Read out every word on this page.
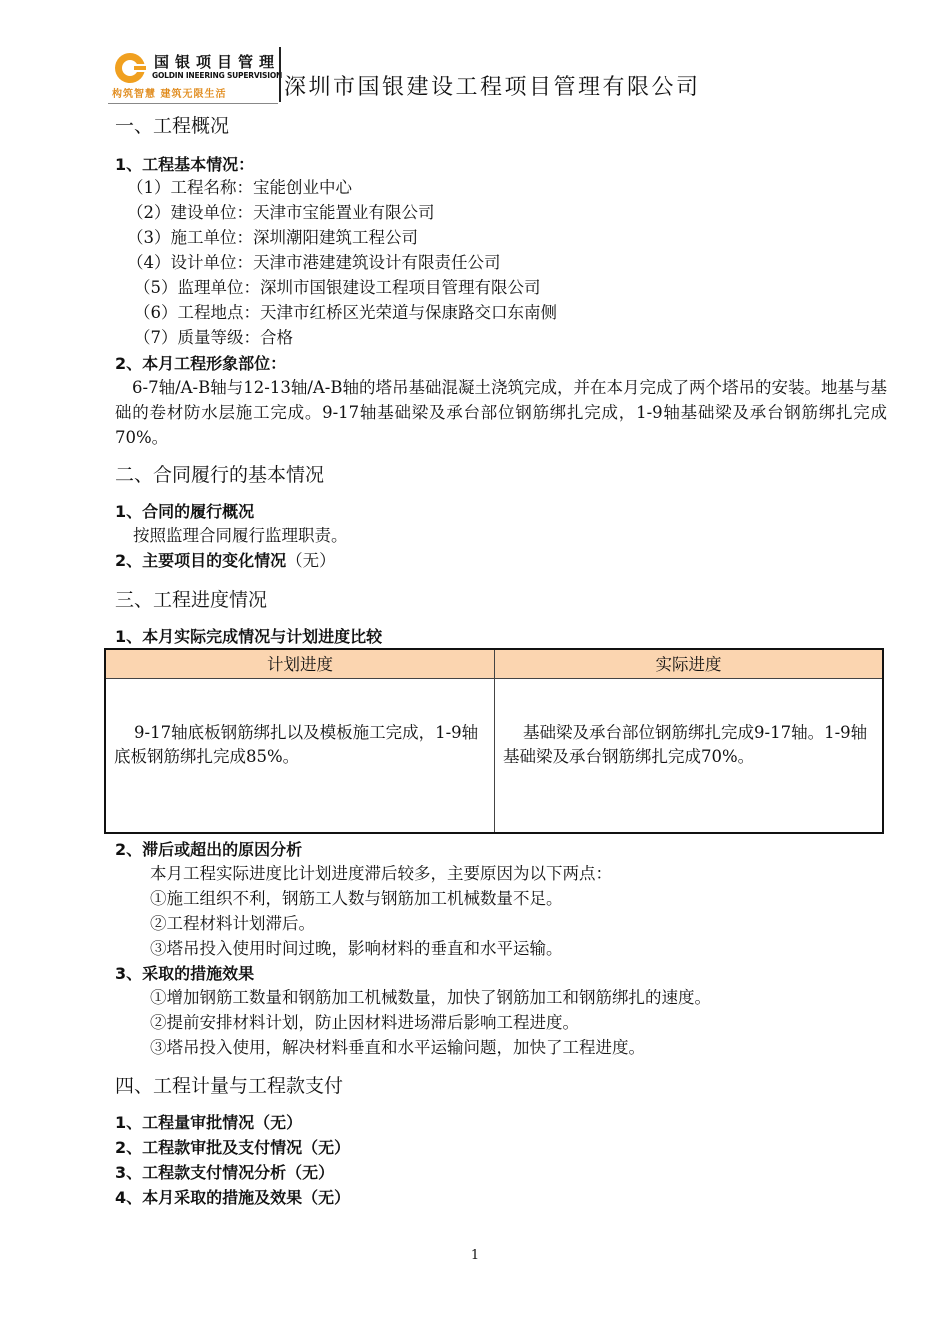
国银项目管理
GOLDIN INEERING SUPERVISION
构筑智慧 建筑无限生活	深圳市国银建设工程项目管理有限公司
一、工程概况
1、工程基本情况：
（1）工程名称：宝能创业中心
（2）建设单位：天津市宝能置业有限公司
（3）施工单位：深圳潮阳建筑工程公司
（4）设计单位：天津市港建建筑设计有限责任公司
（5）监理单位：深圳市国银建设工程项目管理有限公司
（6）工程地点：天津市红桥区光荣道与保康路交口东南侧
（7）质量等级：合格
2、本月工程形象部位：
6-7轴/A-B轴与12-13轴/A-B轴的塔吊基础混凝土浇筑完成，并在本月完成了两个塔吊的安装。地基与基础的卷材防水层施工完成。9-17轴基础梁及承台部位钢筋绑扎完成，1-9轴基础梁及承台钢筋绑扎完成70%。
二、合同履行的基本情况
1、合同的履行概况
按照监理合同履行监理职责。
2、主要项目的变化情况（无）
三、工程进度情况
1、本月实际完成情况与计划进度比较
计划进度	实际进度
9-17轴底板钢筋绑扎以及模板施工完成，1-9轴底板钢筋绑扎完成85%。
基础梁及承台部位钢筋绑扎完成9-17轴。1-9轴基础梁及承台钢筋绑扎完成70%。
2、滞后或超出的原因分析
本月工程实际进度比计划进度滞后较多，主要原因为以下两点：
①施工组织不利，钢筋工人数与钢筋加工机械数量不足。
②工程材料计划滞后。
③塔吊投入使用时间过晚，影响材料的垂直和水平运输。
3、采取的措施效果
①增加钢筋工数量和钢筋加工机械数量，加快了钢筋加工和钢筋绑扎的速度。
②提前安排材料计划，防止因材料进场滞后影响工程进度。
③塔吊投入使用，解决材料垂直和水平运输问题，加快了工程进度。
四、工程计量与工程款支付
1、工程量审批情况（无）
2、工程款审批及支付情况（无）
3、工程款支付情况分析（无）
4、本月采取的措施及效果（无）
1
